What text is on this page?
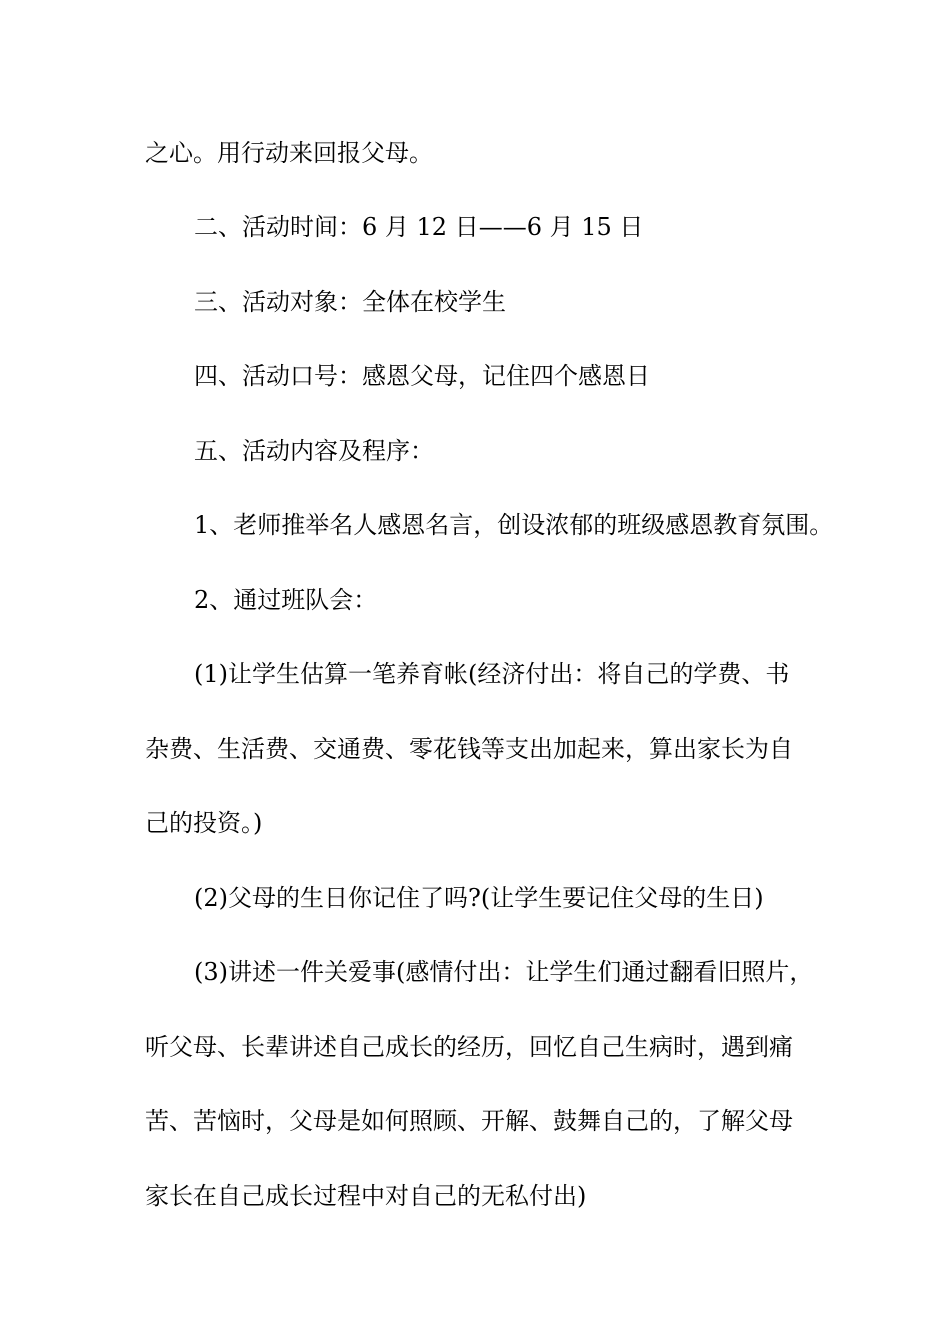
之心。用行动来回报父母。
二、活动时间：6 月 12 日——6 月 15 日
三、活动对象：全体在校学生
四、活动口号：感恩父母，记住四个感恩日
五、活动内容及程序：
1、老师推举名人感恩名言，创设浓郁的班级感恩教育氛围。
2、通过班队会：
(1)让学生估算一笔养育帐(经济付出：将自己的学费、书
杂费、生活费、交通费、零花钱等支出加起来，算出家长为自
己的投资。)
(2)父母的生日你记住了吗?(让学生要记住父母的生日)
(3)讲述一件关爱事(感情付出：让学生们通过翻看旧照片，
听父母、长辈讲述自己成长的经历，回忆自己生病时，遇到痛
苦、苦恼时，父母是如何照顾、开解、鼓舞自己的，了解父母
家长在自己成长过程中对自己的无私付出)
